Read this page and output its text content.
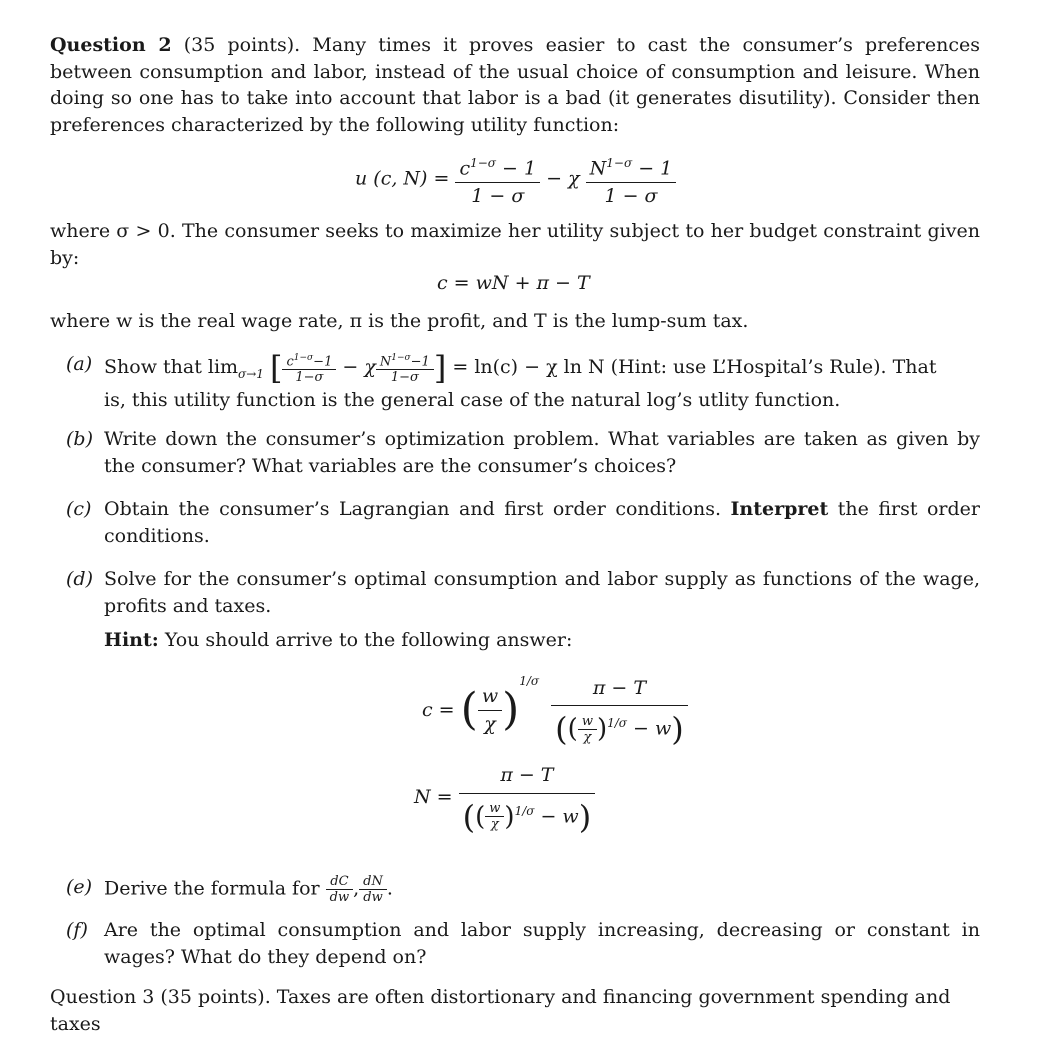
Question 2 (35 points). Many times it proves easier to cast the consumer’s preferences between consumption and labor, instead of the usual choice of consumption and leisure. When doing so one has to take into account that labor is a bad (it generates disutility). Consider then preferences characterized by the following utility function:
u (c, $N) = \frac{c^{1-\sigma} - 1}{1 - \sigma} - \chi \frac{N^{1-\sigma} - 1}{1 - \sigma}$
where σ > 0. The consumer seeks to maximize her utility subject to her budget constraint given by:
c = wN + π − T
where w is the real wage rate, π is the profit, and T is the lump-sum tax.
(a) Show that $\lim_{\sigma\to 1}$ [ $\frac{c^{1-\sigma}-1}{1-\sigma} - \chi \frac{N^{1-\sigma}-1}{1-\sigma}$ ] = ln(c) − χ ln N (Hint: use L’Hospital’s Rule). That
is, this utility function is the general case of the natural log’s utlity function.
(b) Write down the consumer’s optimization problem. What variables are taken as given by the consumer? What variables are the consumer’s choices?
(c) Obtain the consumer’s Lagrangian and first order conditions. Interpret the first order conditions.
(d) Solve for the consumer’s optimal consumption and labor supply as functions of the wage, profits and taxes.
Hint: You should arrive to the following answer:
c = ( $\frac{w}{\chi} )^{1/\sigma} \frac{\pi - T}{(( \frac{w}{\chi} )^{1/\sigma} - w)}$
$N = \frac{\pi - T}{(( \frac{w}{\chi} )^{1/\sigma} - w)}$
(e) Derive the formula for $\frac{dC}{dw}$ , $\frac{dN}{dw}$ .
(f) Are the optimal consumption and labor supply increasing, decreasing or constant in wages? What do they depend on?
Question 3 (35 points). Taxes are often distortionary and financing government spending and taxes
